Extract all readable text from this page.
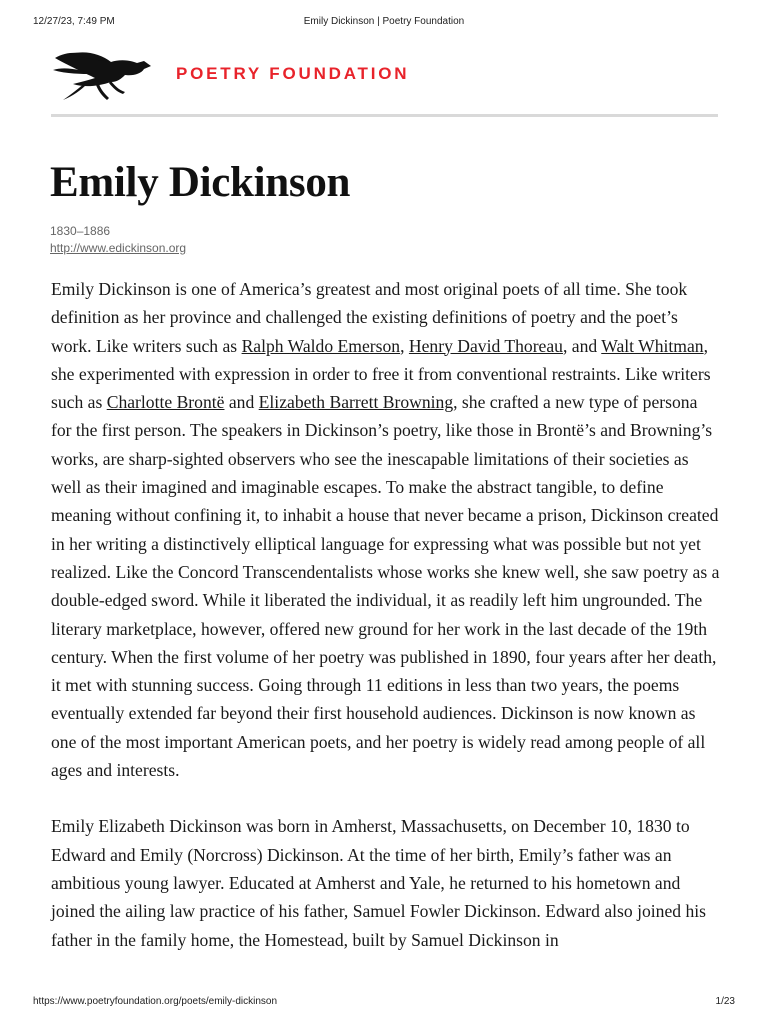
12/27/23, 7:49 PM	Emily Dickinson | Poetry Foundation
POETRY FOUNDATION
Emily Dickinson
1830–1886
http://www.edickinson.org

Emily Dickinson is one of America’s greatest and most original poets of all time. She took definition as her province and challenged the existing definitions of poetry and the poet’s work. Like writers such as Ralph Waldo Emerson, Henry David Thoreau, and Walt Whitman, she experimented with expression in order to free it from conventional restraints. Like writers such as Charlotte Brontë and Elizabeth Barrett Browning, she crafted a new type of persona for the first person. The speakers in Dickinson’s poetry, like those in Brontë’s and Browning’s works, are sharp-sighted observers who see the inescapable limitations of their societies as well as their imagined and imaginable escapes. To make the abstract tangible, to define meaning without confining it, to inhabit a house that never became a prison, Dickinson created in her writing a distinctively elliptical language for expressing what was possible but not yet realized. Like the Concord Transcendentalists whose works she knew well, she saw poetry as a double-edged sword. While it liberated the individual, it as readily left him ungrounded. The literary marketplace, however, offered new ground for her work in the last decade of the 19th century. When the first volume of her poetry was published in 1890, four years after her death, it met with stunning success. Going through 11 editions in less than two years, the poems eventually extended far beyond their first household audiences. Dickinson is now known as one of the most important American poets, and her poetry is widely read among people of all ages and interests.

Emily Elizabeth Dickinson was born in Amherst, Massachusetts, on December 10, 1830 to Edward and Emily (Norcross) Dickinson. At the time of her birth, Emily’s father was an ambitious young lawyer. Educated at Amherst and Yale, he returned to his hometown and joined the ailing law practice of his father, Samuel Fowler Dickinson. Edward also joined his father in the family home, the Homestead, built by Samuel Dickinson in

https://www.poetryfoundation.org/poets/emily-dickinson	1/23
